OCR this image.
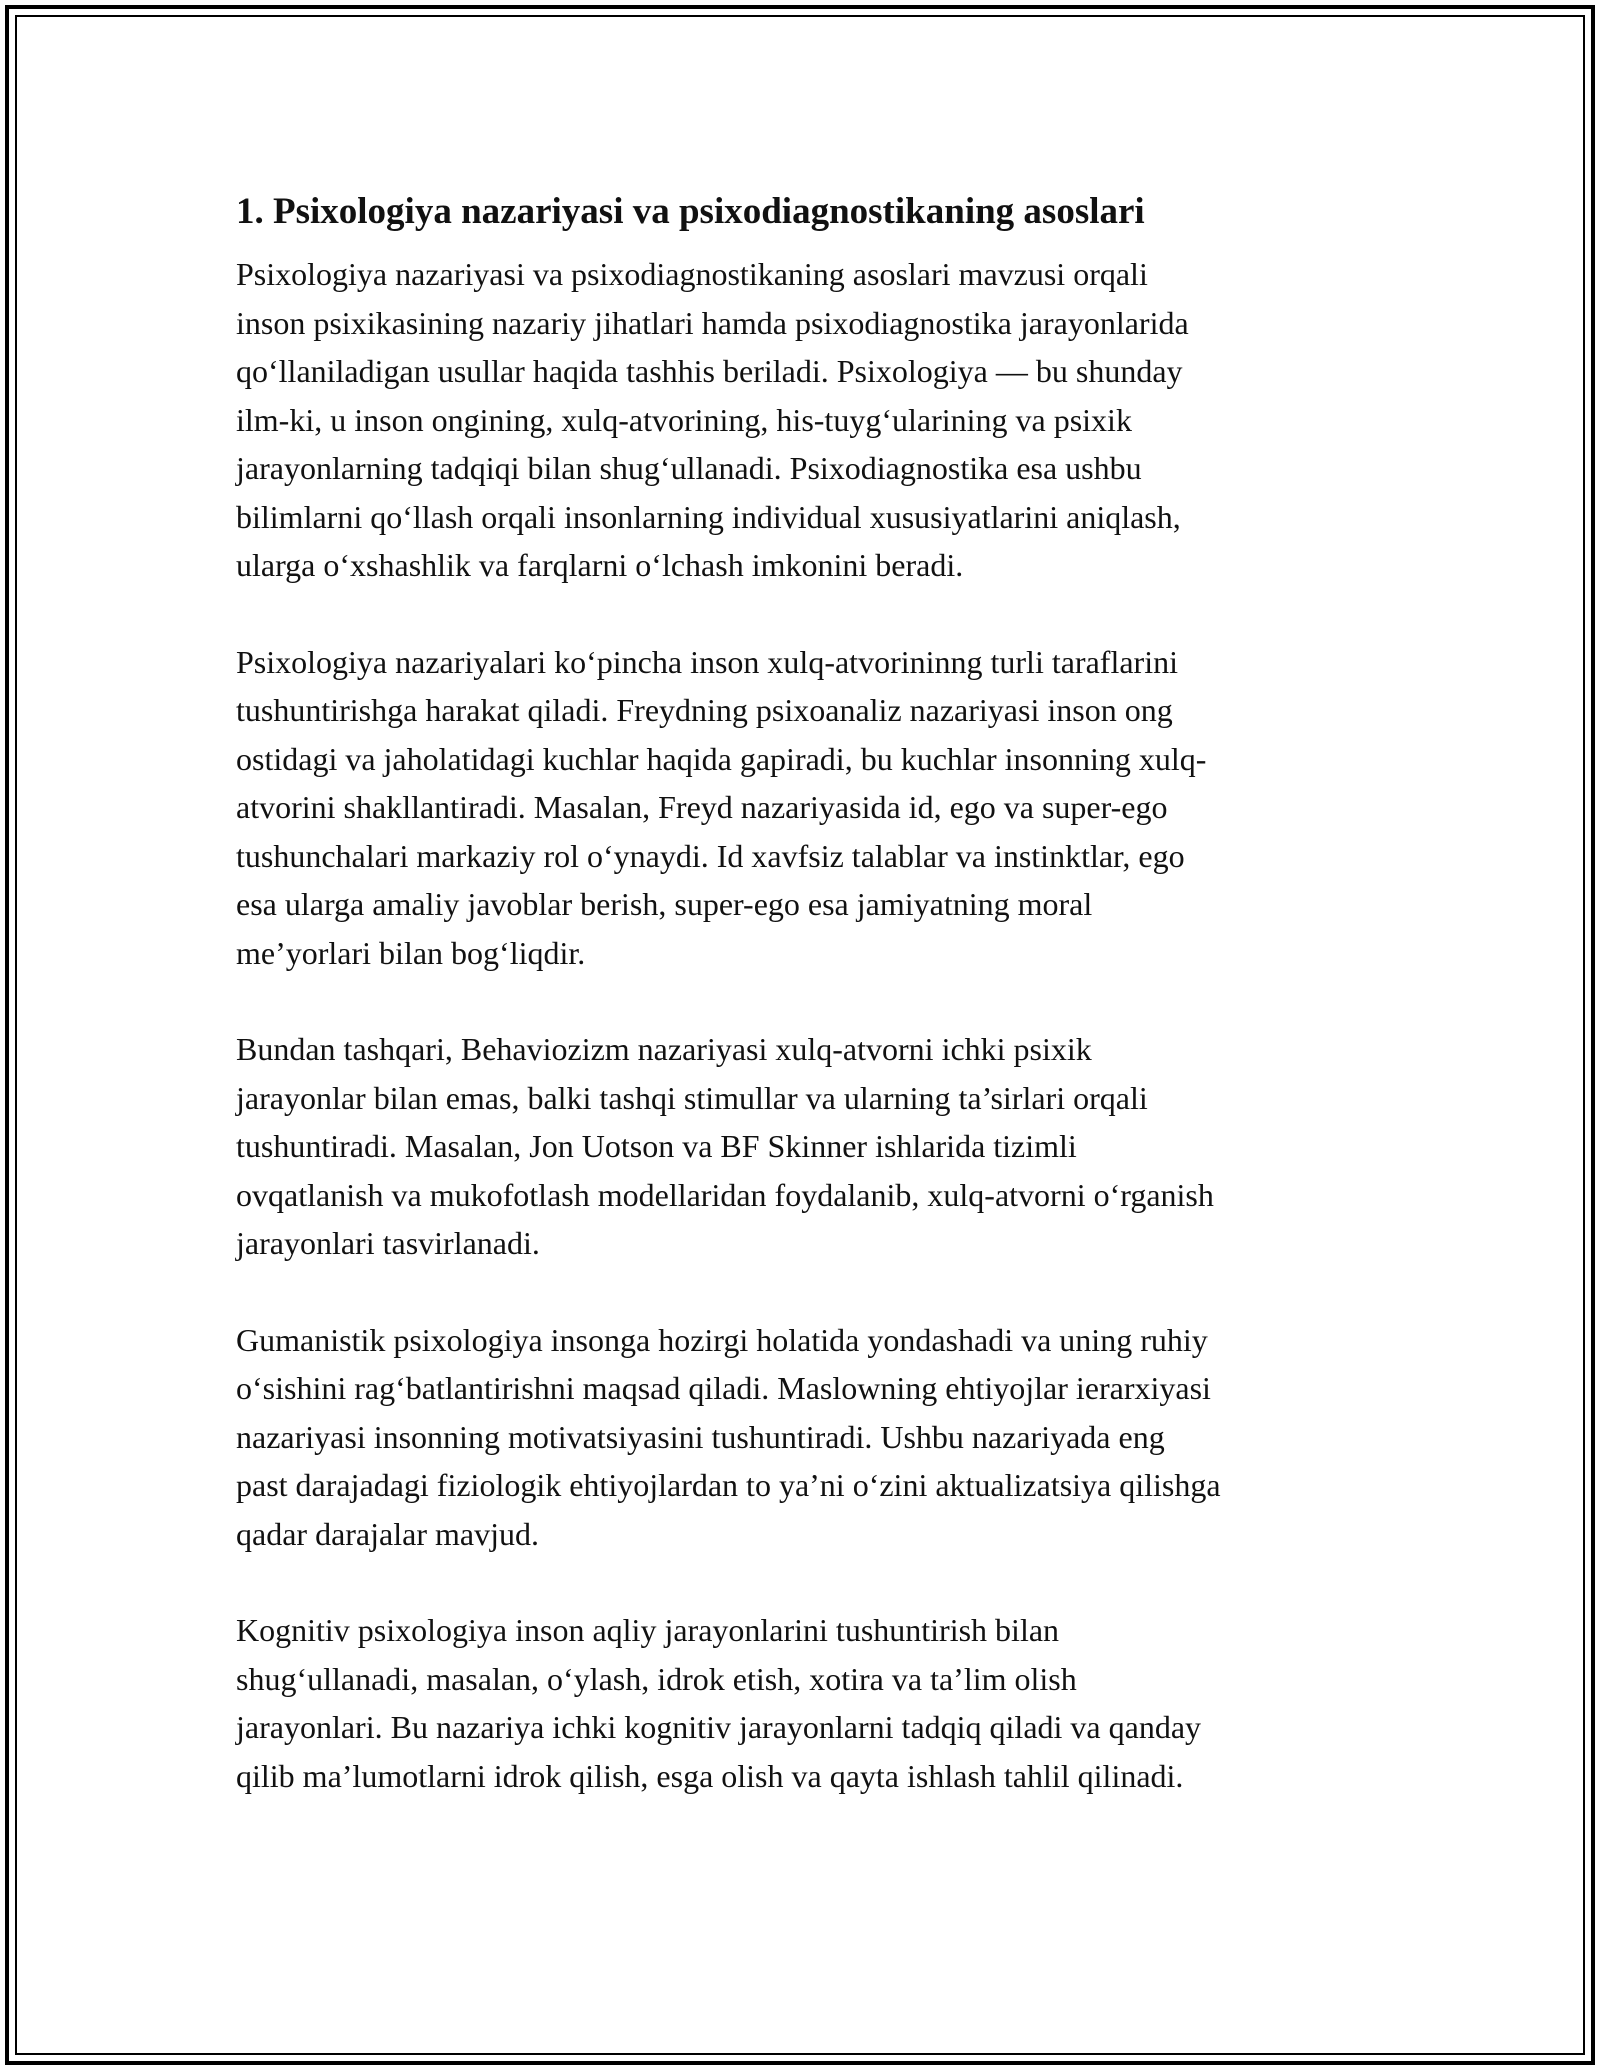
1. Psixologiya nazariyasi va psixodiagnostikaning asoslari

Psixologiya nazariyasi va psixodiagnostikaning asoslari mavzusi orqali
inson psixikasining nazariy jihatlari hamda psixodiagnostika jarayonlarida
qo‘llaniladigan usullar haqida tashhis beriladi. Psixologiya — bu shunday
ilm-ki, u inson ongining, xulq-atvorining, his-tuyg‘ularining va psixik
jarayonlarning tadqiqi bilan shug‘ullanadi. Psixodiagnostika esa ushbu
bilimlarni qo‘llash orqali insonlarning individual xususiyatlarini aniqlash,
ularga o‘xshashlik va farqlarni o‘lchash imkonini beradi.

Psixologiya nazariyalari ko‘pincha inson xulq-atvorininng turli taraflarini
tushuntirishga harakat qiladi. Freydning psixoanaliz nazariyasi inson ong
ostidagi va jaholatidagi kuchlar haqida gapiradi, bu kuchlar insonning xulq-
atvorini shakllantiradi. Masalan, Freyd nazariyasida id, ego va super-ego
tushunchalari markaziy rol o‘ynaydi. Id xavfsiz talablar va instinktlar, ego
esa ularga amaliy javoblar berish, super-ego esa jamiyatning moral
me’yorlari bilan bog‘liqdir.

Bundan tashqari, Behaviozizm nazariyasi xulq-atvorni ichki psixik
jarayonlar bilan emas, balki tashqi stimullar va ularning ta’sirlari orqali
tushuntiradi. Masalan, Jon Uotson va BF Skinner ishlarida tizimli
ovqatlanish va mukofotlash modellaridan foydalanib, xulq-atvorni o‘rganish
jarayonlari tasvirlanadi.

Gumanistik psixologiya insonga hozirgi holatida yondashadi va uning ruhiy
o‘sishini rag‘batlantirishni maqsad qiladi. Maslowning ehtiyojlar ierarxiyasi
nazariyasi insonning motivatsiyasini tushuntiradi. Ushbu nazariyada eng
past darajadagi fiziologik ehtiyojlardan to ya’ni o‘zini aktualizatsiya qilishga
qadar darajalar mavjud.

Kognitiv psixologiya inson aqliy jarayonlarini tushuntirish bilan
shug‘ullanadi, masalan, o‘ylash, idrok etish, xotira va ta’lim olish
jarayonlari. Bu nazariya ichki kognitiv jarayonlarni tadqiq qiladi va qanday
qilib ma’lumotlarni idrok qilish, esga olish va qayta ishlash tahlil qilinadi.
